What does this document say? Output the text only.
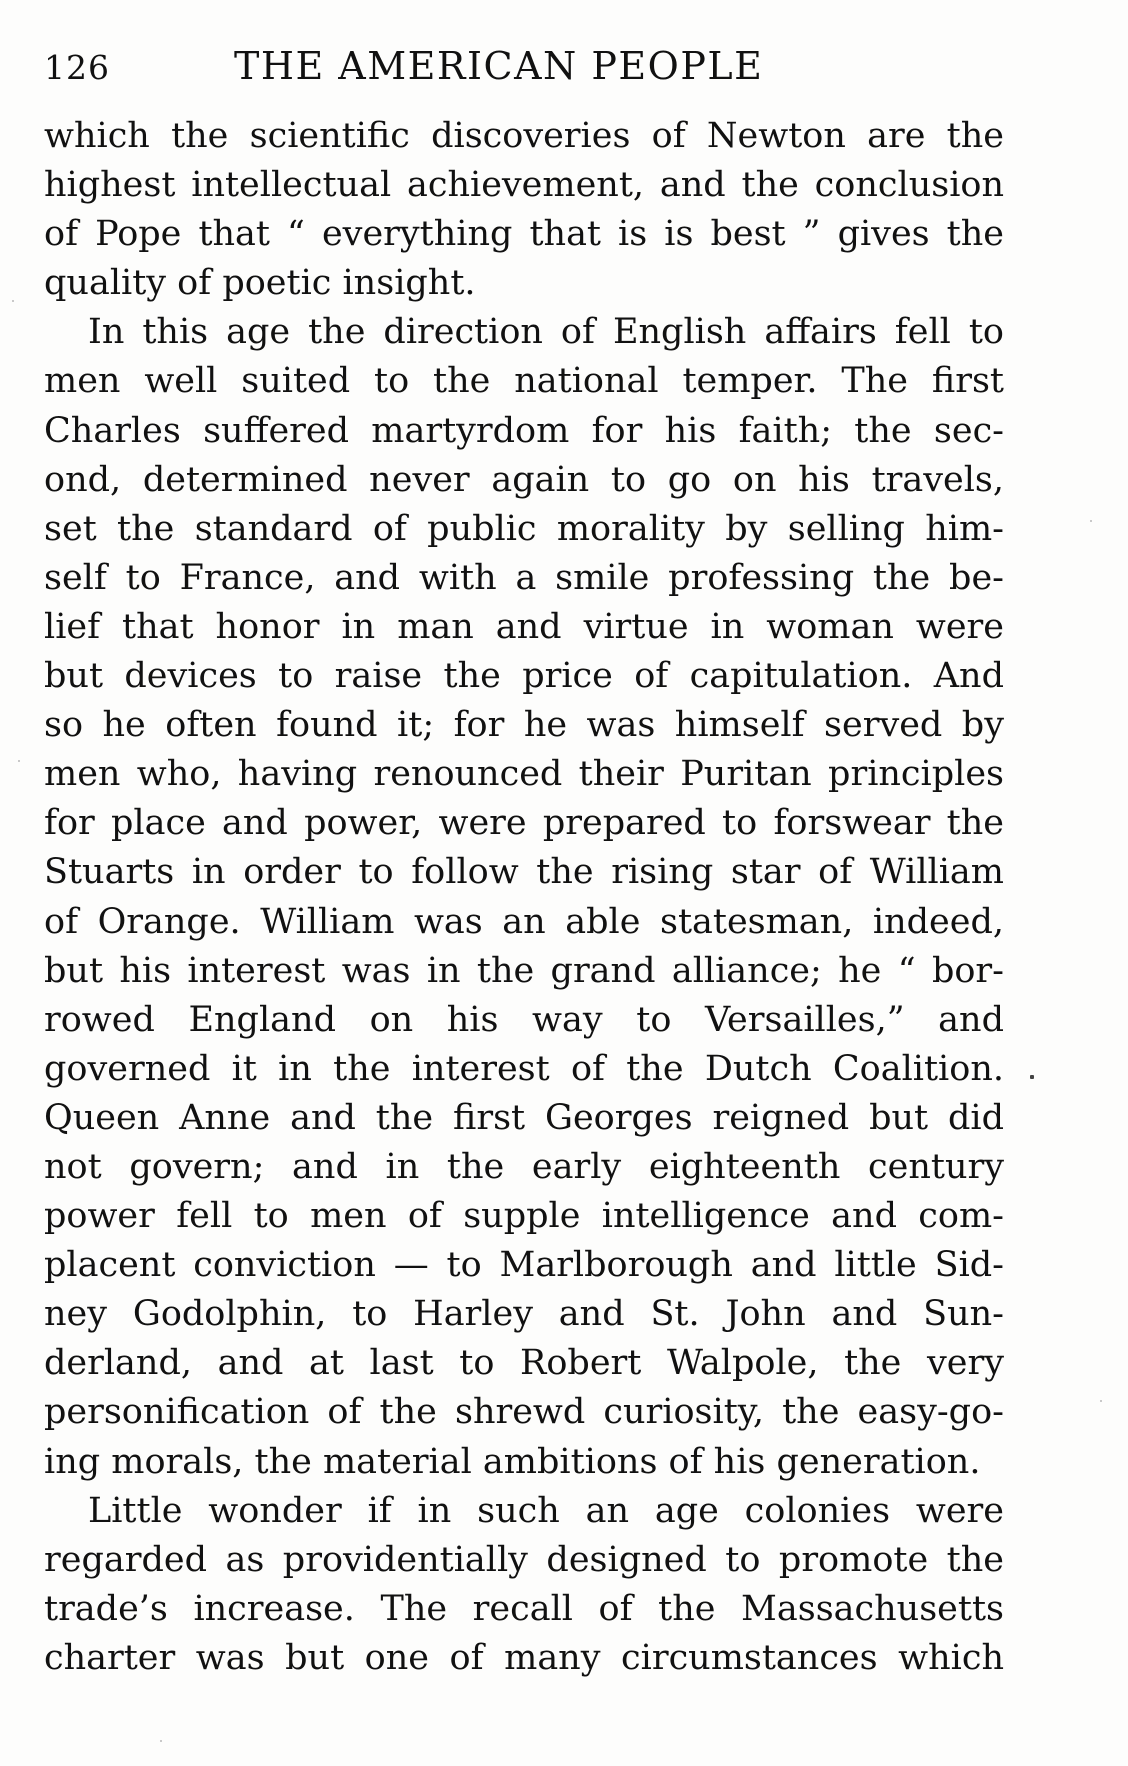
126	THE AMERICAN PEOPLE
which the scientific discoveries of Newton are the
highest intellectual achievement, and the conclusion
of Pope that “ everything that is is best ” gives the
quality of poetic insight.
In this age the direction of English affairs fell to
men well suited to the national temper. The first
Charles suffered martyrdom for his faith; the sec-
ond, determined never again to go on his travels,
set the standard of public morality by selling him-
self to France, and with a smile professing the be-
lief that honor in man and virtue in woman were
but devices to raise the price of capitulation. And
so he often found it; for he was himself served by
men who, having renounced their Puritan principles
for place and power, were prepared to forswear the
Stuarts in order to follow the rising star of William
of Orange. William was an able statesman, indeed,
but his interest was in the grand alliance; he “ bor-
rowed England on his way to Versailles,” and
governed it in the interest of the Dutch Coalition.
Queen Anne and the first Georges reigned but did
not govern; and in the early eighteenth century
power fell to men of supple intelligence and com-
placent conviction — to Marlborough and little Sid-
ney Godolphin, to Harley and St. John and Sun-
derland, and at last to Robert Walpole, the very
personification of the shrewd curiosity, the easy-go-
ing morals, the material ambitions of his generation.
Little wonder if in such an age colonies were
regarded as providentially designed to promote the
trade’s increase. The recall of the Massachusetts
charter was but one of many circumstances which
